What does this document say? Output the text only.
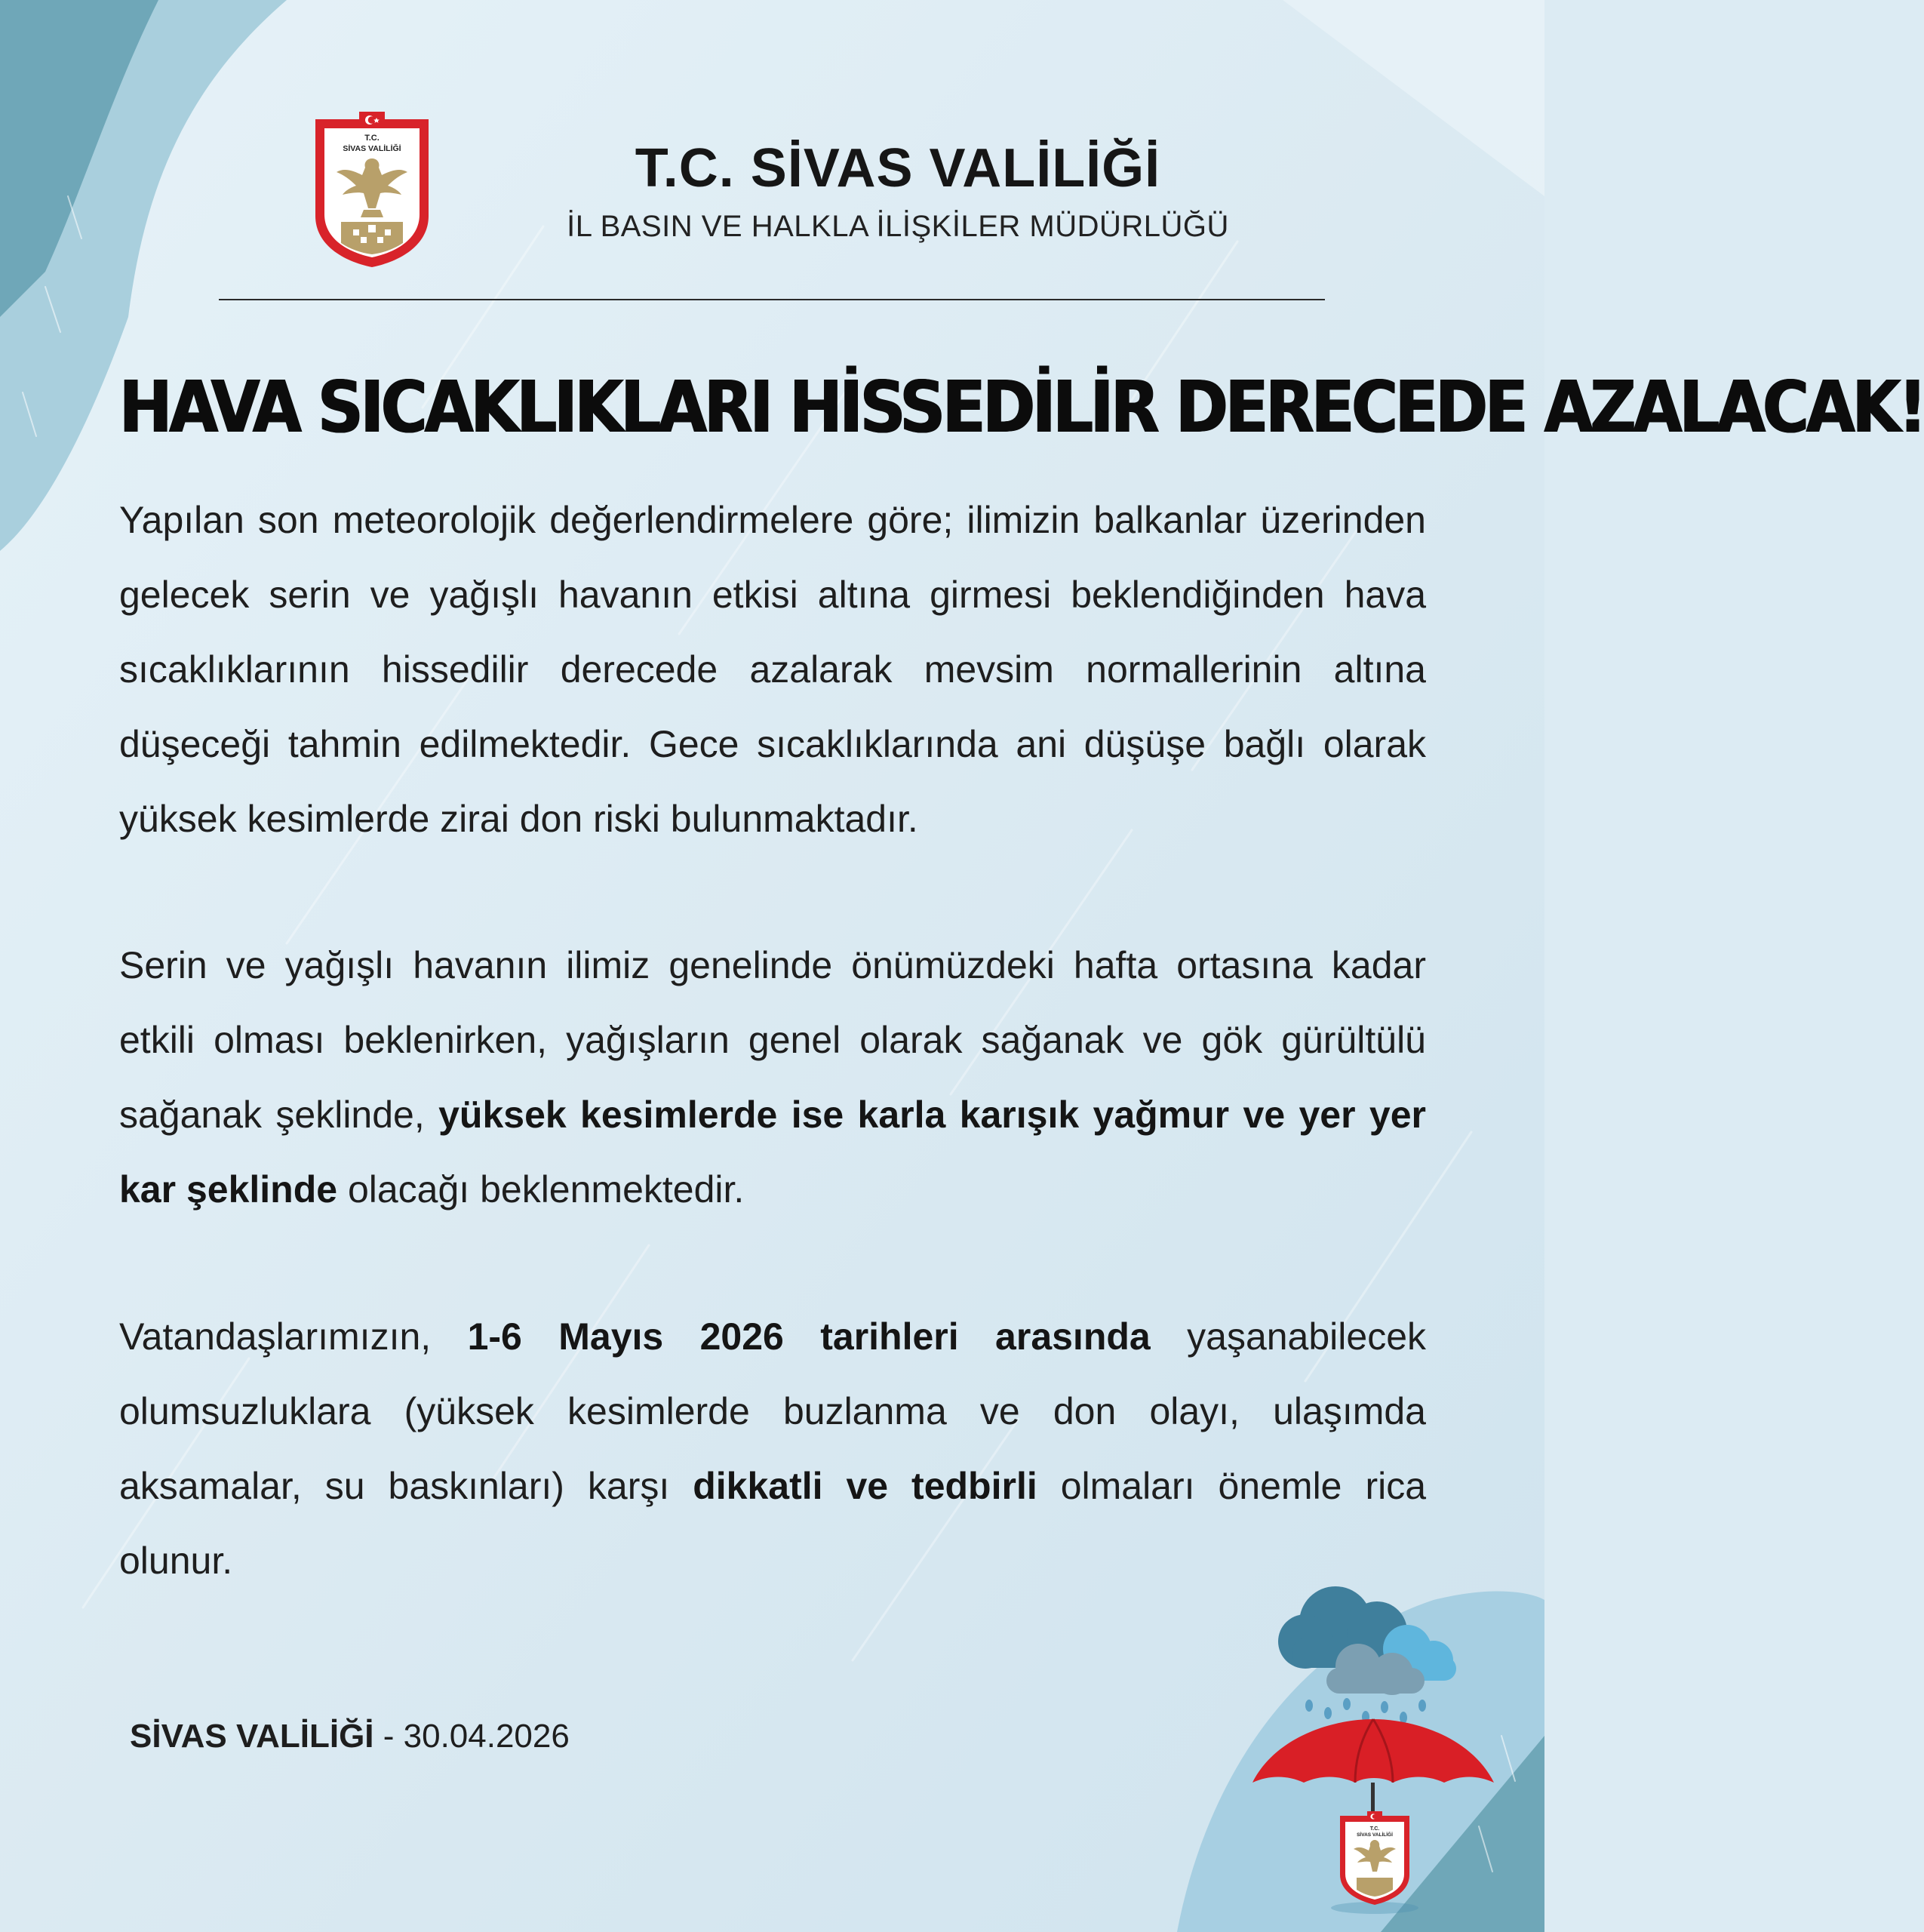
T.C.
SİVAS VALİLİĞİ	T.C. SİVAS VALİLİĞİ
İL BASIN VE HALKLA İLİŞKİLER MÜDÜRLÜĞÜ
HAVA SICAKLIKLARI HİSSEDİLİR DERECEDE AZALACAK!

Yapılan son meteorolojik değerlendirmelere göre; ilimizin balkanlar üzerinden gelecek serin ve yağışlı havanın etkisi altına girmesi beklendiğinden hava sıcaklıklarının hissedilir derecede azalarak mevsim normallerinin altına düşeceği tahmin edilmektedir. Gece sıcaklıklarında ani düşüşe bağlı olarak yüksek kesimlerde zirai don riski bulunmaktadır.

Serin ve yağışlı havanın ilimiz genelinde önümüzdeki hafta ortasına kadar etkili olması beklenirken, yağışların genel olarak sağanak ve gök gürültülü sağanak şeklinde, yüksek kesimlerde ise karla karışık yağmur ve yer yer kar şeklinde olacağı beklenmektedir.

Vatandaşlarımızın, 1-6 Mayıs 2026 tarihleri arasında yaşanabilecek olumsuzluklara (yüksek kesimlerde buzlanma ve don olayı, ulaşımda aksamalar, su baskınları) karşı dikkatli ve tedbirli olmaları önemle rica olunur.

SİVAS VALİLİĞİ - 30.04.2026
T.C.
SİVAS VALİLİĞİ
